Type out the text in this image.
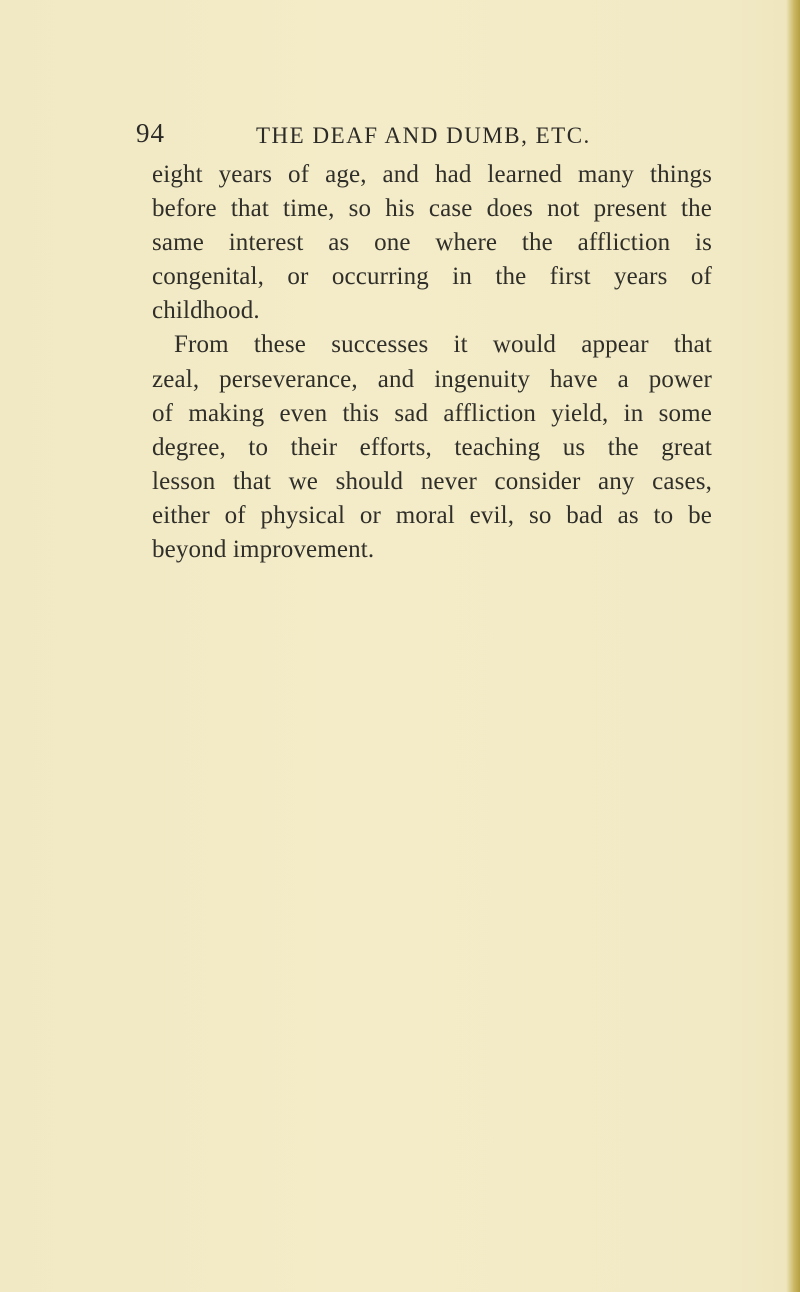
94	THE DEAF AND DUMB, ETC.
eight years of age, and had learned many things
before that time, so his case does not present the
same interest as one where the affliction is
congenital, or occurring in the first years of
childhood.
From these successes it would appear that
zeal, perseverance, and ingenuity have a power
of making even this sad affliction yield, in some
degree, to their efforts, teaching us the great
lesson that we should never consider any cases,
either of physical or moral evil, so bad as to be
beyond improvement.
